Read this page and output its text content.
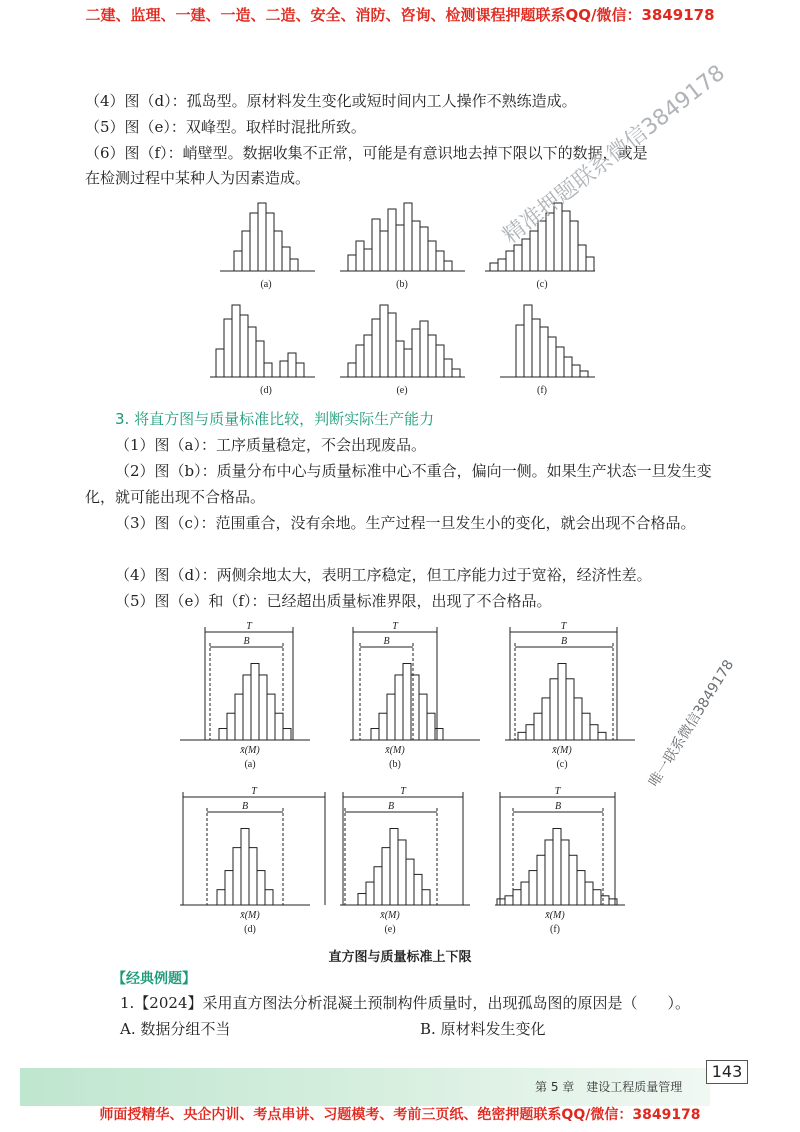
二建、监理、一建、一造、二造、安全、消防、咨询、检测课程押题联系QQ/微信：3849178

（4）图（d）：孤岛型。原材料发生变化或短时间内工人操作不熟练造成。

（5）图（e）：双峰型。取样时混批所致。

（6）图（f）：峭壁型。数据收集不正常，可能是有意识地去掉下限以下的数据，或是

在检测过程中某种人为因素造成。

(a)	(b)	(c)
(d)	(e)	(f)
3. 将直方图与质量标准比较，判断实际生产能力

（1）图（a）：工序质量稳定，不会出现废品。

（2）图（b）：质量分布中心与质量标准中心不重合，偏向一侧。如果生产状态一旦发生变化，就可能出现不合格品。

（3）图（c）：范围重合，没有余地。生产过程一旦发生小的变化，就会出现不合格品。

（4）图（d）：两侧余地太大，表明工序稳定，但工序能力过于宽裕，经济性差。

（5）图（e）和（f）：已经超出质量标准界限，出现了不合格品。

T
B
x̄(M)
(a)
T
B
x̄(M)
(b)
T
B
x̄(M)
(c)
T
B
x̄(M)
(d)
T
B
x̄(M)
(e)
T
B
x̄(M)
(f)
直方图与质量标准上下限
【经典例题】
1.【2024】采用直方图法分析混凝土预制构件质量时，出现孤岛图的原因是（　　）。
A. 数据分组不当	B. 原材料发生变化
第 5 章　建设工程质量管理
143
师面授精华、央企内训、考点串讲、习题模考、考前三页纸、绝密押题联系QQ/微信：3849178
精准押题联系微信3849178
唯一联系微信3849178
